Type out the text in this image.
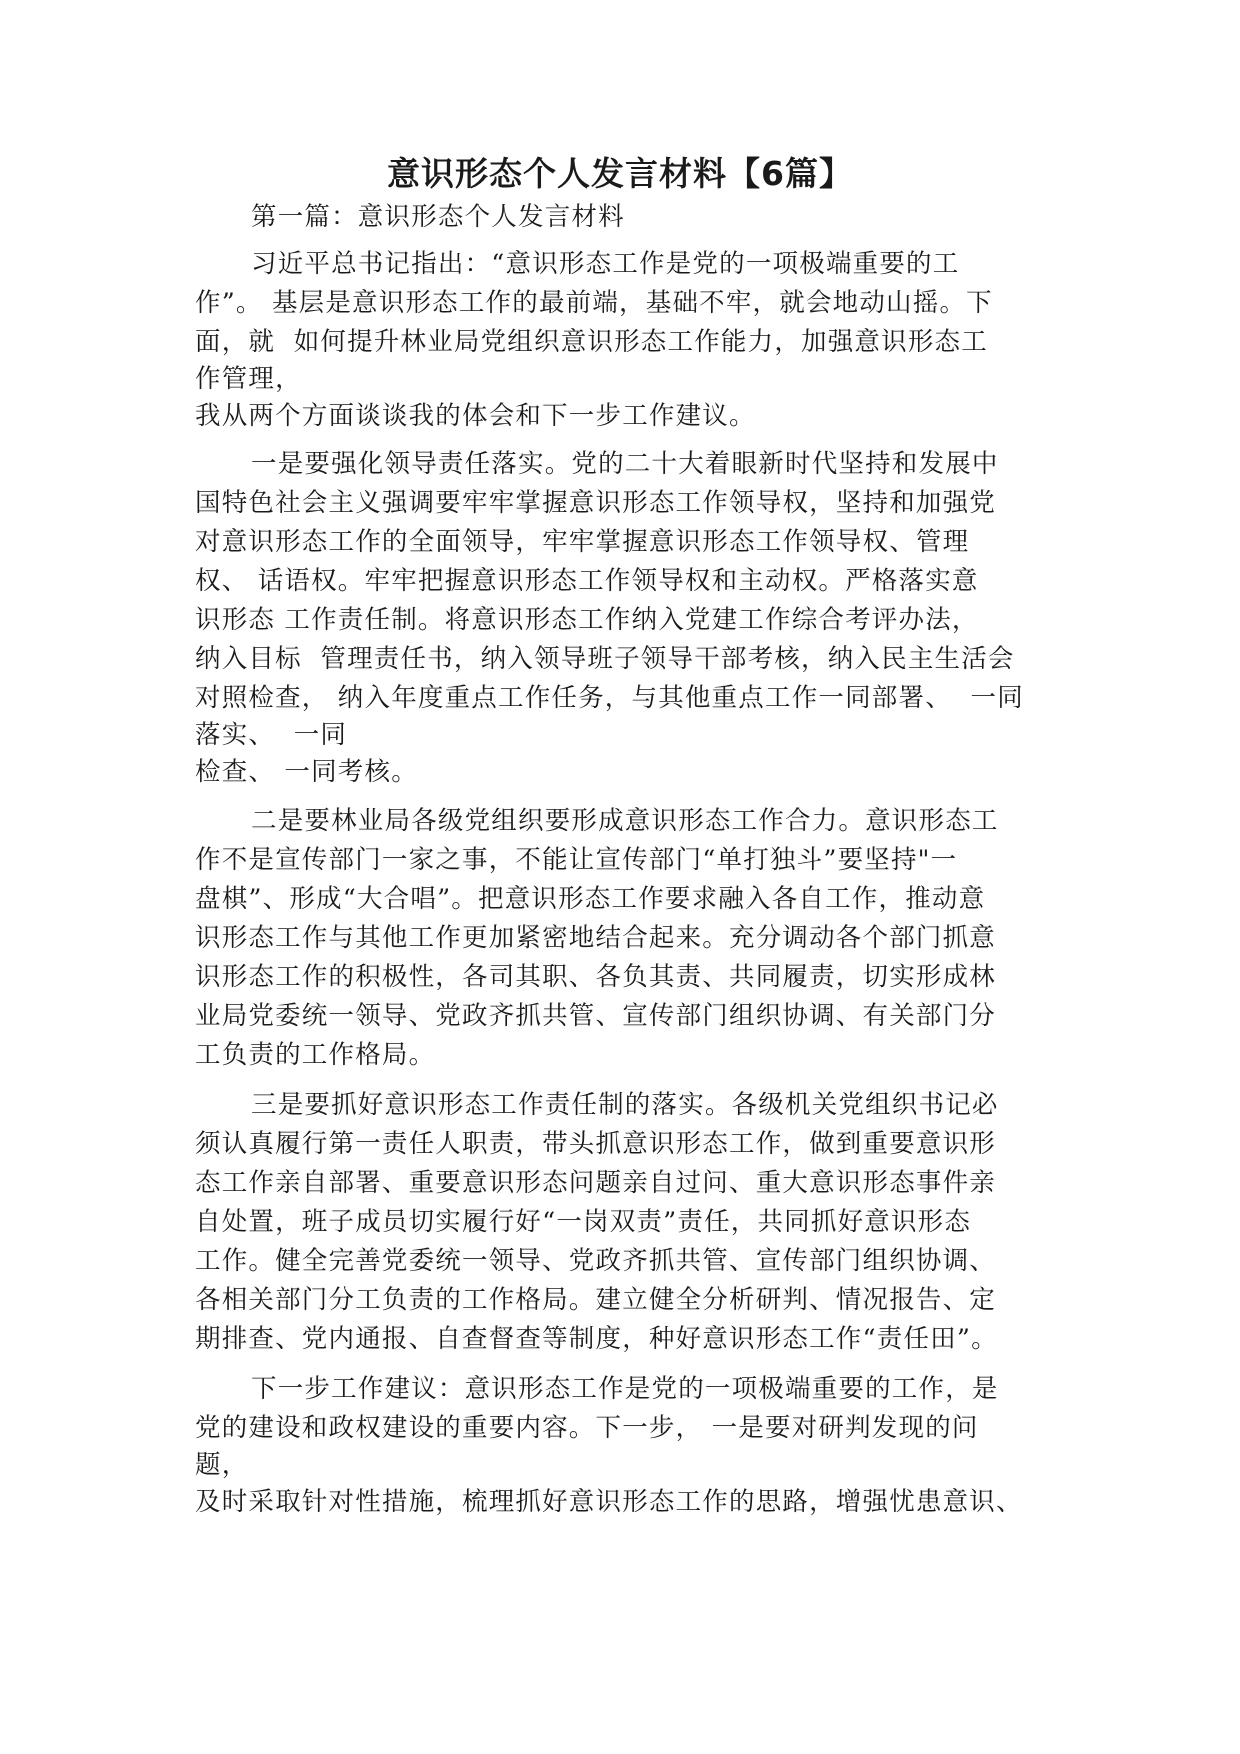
意识形态个人发言材料【6篇】

第一篇：意识形态个人发言材料

习近平总书记指出：“意识形态工作是党的一项极端重要的工

作”。 基层是意识形态工作的最前端，基础不牢，就会地动山摇。下

面，就  如何提升林业局党组织意识形态工作能力，加强意识形态工

作管理，

我从两个方面谈谈我的体会和下一步工作建议。

一是要强化领导责任落实。党的二十大着眼新时代坚持和发展中

国特色社会主义强调要牢牢掌握意识形态工作领导权，坚持和加强党

对意识形态工作的全面领导，牢牢掌握意识形态工作领导权、管理

权、 话语权。牢牢把握意识形态工作领导权和主动权。严格落实意

识形态 工作责任制。将意识形态工作纳入党建工作综合考评办法，

纳入目标  管理责任书，纳入领导班子领导干部考核，纳入民主生活会

对照检查， 纳入年度重点工作任务，与其他重点工作一同部署、  一同

落实、  一同

检查、 一同考核。

二是要林业局各级党组织要形成意识形态工作合力。意识形态工

作不是宣传部门一家之事，不能让宣传部门“单打独斗”要坚持"一

盘棋”、形成“大合唱”。把意识形态工作要求融入各自工作，推动意

识形态工作与其他工作更加紧密地结合起来。充分调动各个部门抓意

识形态工作的积极性，各司其职、各负其责、共同履责，切实形成林

业局党委统一领导、党政齐抓共管、宣传部门组织协调、有关部门分

工负责的工作格局。

三是要抓好意识形态工作责任制的落实。各级机关党组织书记必

须认真履行第一责任人职责，带头抓意识形态工作，做到重要意识形

态工作亲自部署、重要意识形态问题亲自过问、重大意识形态事件亲

自处置，班子成员切实履行好“一岗双责”责任，共同抓好意识形态

工作。健全完善党委统一领导、党政齐抓共管、宣传部门组织协调、

各相关部门分工负责的工作格局。建立健全分析研判、情况报告、定

期排查、党内通报、自查督查等制度，种好意识形态工作“责任田”。

下一步工作建议：意识形态工作是党的一项极端重要的工作，是

党的建设和政权建设的重要内容。下一步， 一是要对研判发现的问

题，

及时采取针对性措施，梳理抓好意识形态工作的思路，增强忧患意识、
